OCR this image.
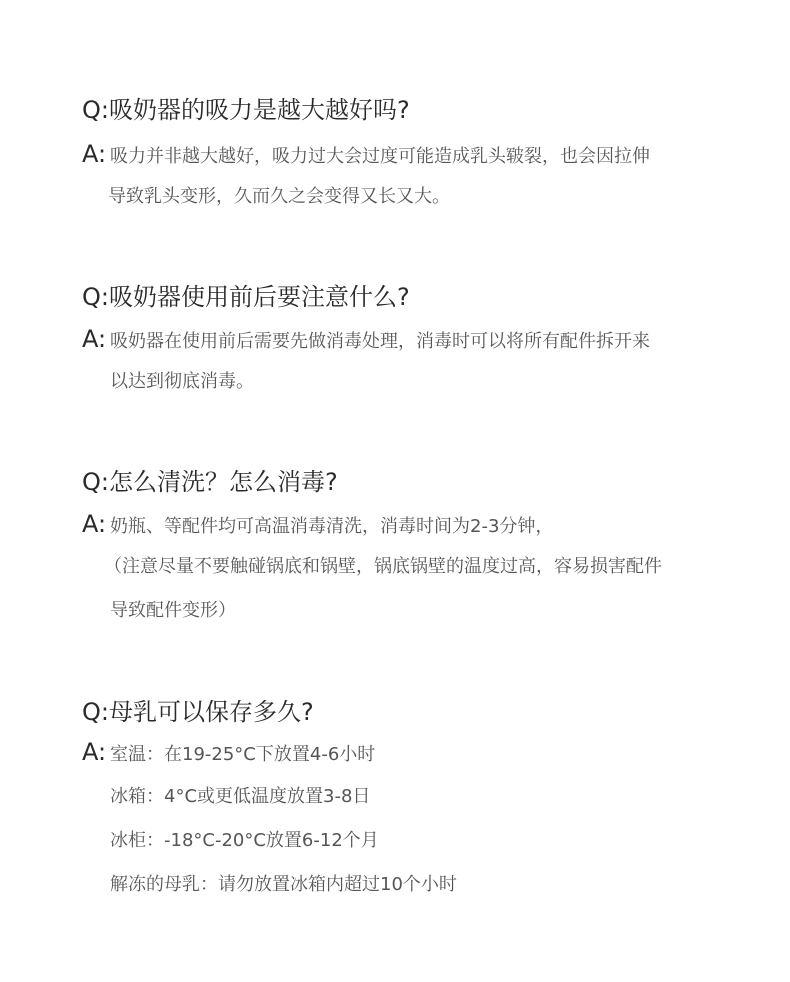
Q:吸奶器的吸力是越大越好吗?
A: 吸力并非越大越好，吸力过大会过度可能造成乳头皲裂，也会因拉伸
导致乳头变形，久而久之会变得又长又大。
Q:吸奶器使用前后要注意什么?
A: 吸奶器在使用前后需要先做消毒处理，消毒时可以将所有配件拆开来
以达到彻底消毒。
Q:怎么清洗？怎么消毒?
A: 奶瓶、等配件均可高温消毒清洗，消毒时间为2-3分钟，
（注意尽量不要触碰锅底和锅壁，锅底锅壁的温度过高，容易损害配件
导致配件变形）
Q:母乳可以保存多久?
A: 室温：在19-25°C下放置4-6小时
冰箱：4°C或更低温度放置3-8日
冰柜：-18°C-20°C放置6-12个月
解冻的母乳：请勿放置冰箱内超过10个小时
